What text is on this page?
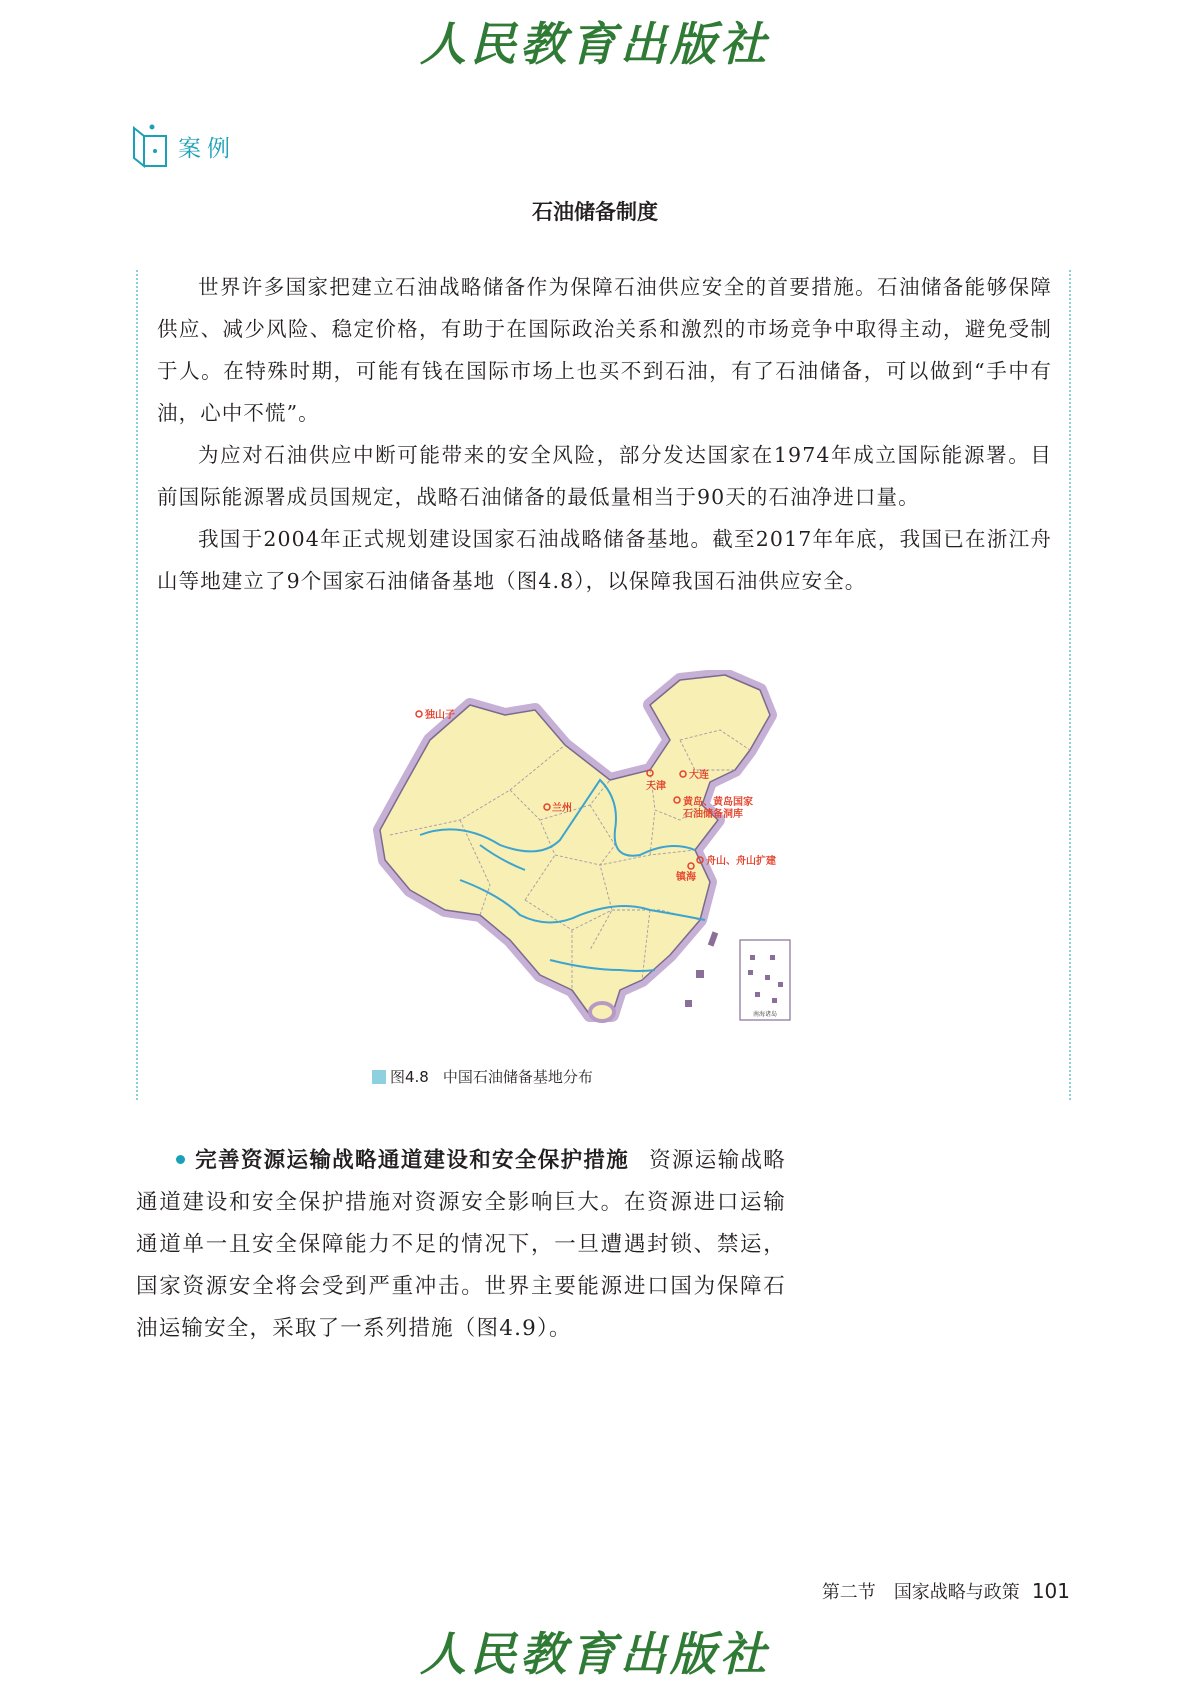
人民教育出版社
案例
石油储备制度

世界许多国家把建立石油战略储备作为保障石油供应安全的首要措施。石油储备能够保障供应、减少风险、稳定价格，有助于在国际政治关系和激烈的市场竞争中取得主动，避免受制于人。在特殊时期，可能有钱在国际市场上也买不到石油，有了石油储备，可以做到“手中有油，心中不慌”。

为应对石油供应中断可能带来的安全风险，部分发达国家在1974年成立国际能源署。目前国际能源署成员国规定，战略石油储备的最低量相当于90天的石油净进口量。

我国于2004年正式规划建设国家石油战略储备基地。截至2017年年底，我国已在浙江舟山等地建立了9个国家石油储备基地（图4.8），以保障我国石油供应安全。

南海诸岛
独山子
兰州
天津
大连
黄岛、黄岛国家
石油储备洞库
舟山、舟山扩建
镇海
图4.8 中国石油储备基地分布
完善资源运输战略通道建设和安全保护措施 资源运输战略通道建设和安全保护措施对资源安全影响巨大。在资源进口运输通道单一且安全保障能力不足的情况下，一旦遭遇封锁、禁运，国家资源安全将会受到严重冲击。世界主要能源进口国为保障石油运输安全，采取了一系列措施（图4.9）。
第二节 国家战略与政策 101
人民教育出版社
